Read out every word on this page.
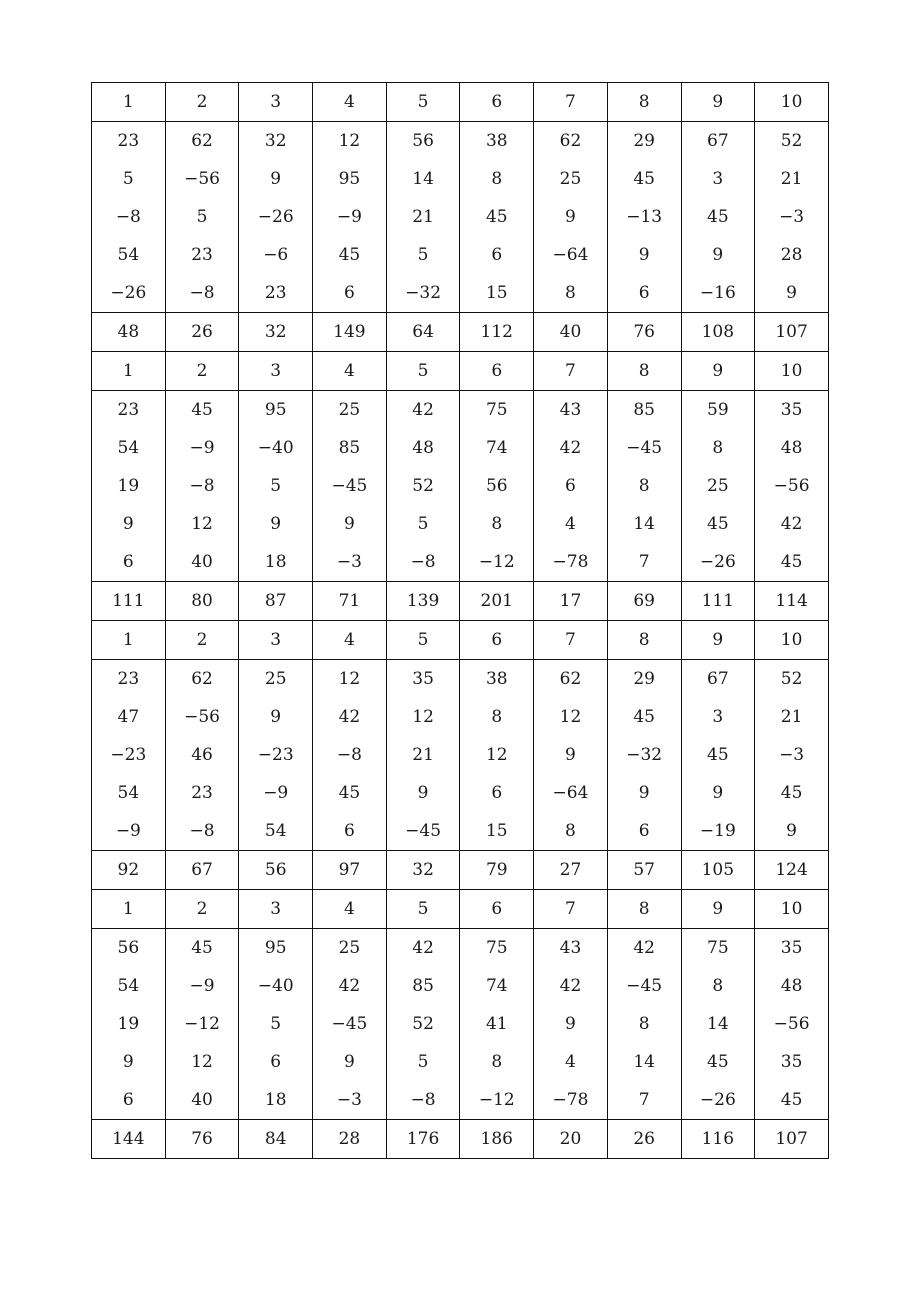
1	2	3	4	5	6	7	8	9	10
23	62	32	12	56	38	62	29	67	52
5	−56	9	95	14	8	25	45	3	21
−8	5	−26	−9	21	45	9	−13	45	−3
54	23	−6	45	5	6	−64	9	9	28
−26	−8	23	6	−32	15	8	6	−16	9
48	26	32	149	64	112	40	76	108	107
1	2	3	4	5	6	7	8	9	10
23	45	95	25	42	75	43	85	59	35
54	−9	−40	85	48	74	42	−45	8	48
19	−8	5	−45	52	56	6	8	25	−56
9	12	9	9	5	8	4	14	45	42
6	40	18	−3	−8	−12	−78	7	−26	45
111	80	87	71	139	201	17	69	111	114
1	2	3	4	5	6	7	8	9	10
23	62	25	12	35	38	62	29	67	52
47	−56	9	42	12	8	12	45	3	21
−23	46	−23	−8	21	12	9	−32	45	−3
54	23	−9	45	9	6	−64	9	9	45
−9	−8	54	6	−45	15	8	6	−19	9
92	67	56	97	32	79	27	57	105	124
1	2	3	4	5	6	7	8	9	10
56	45	95	25	42	75	43	42	75	35
54	−9	−40	42	85	74	42	−45	8	48
19	−12	5	−45	52	41	9	8	14	−56
9	12	6	9	5	8	4	14	45	35
6	40	18	−3	−8	−12	−78	7	−26	45
144	76	84	28	176	186	20	26	116	107
